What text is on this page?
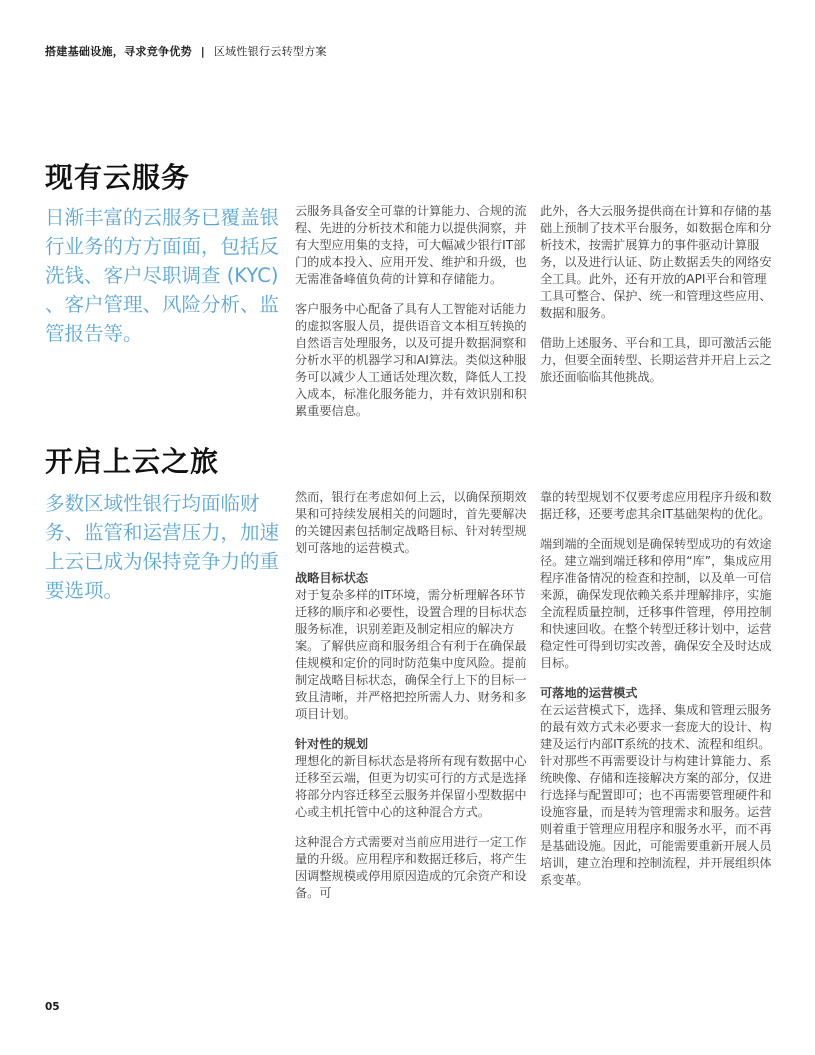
搭建基础设施，寻求竞争优势 | 区域性银行云转型方案
现有云服务

日渐丰富的云服务已覆盖银行业务的方方面面，包括反洗钱、客户尽职调查 (KYC) 、客户管理、风险分析、监管报告等。

云服务具备安全可靠的计算能力、合规的流程、先进的分析技术和能力以提供洞察，并有大型应用集的支持，可大幅减少银行IT部门的成本投入、应用开发、维护和升级，也无需准备峰值负荷的计算和存储能力。

客户服务中心配备了具有人工智能对话能力的虚拟客服人员，提供语音文本相互转换的自然语言处理服务，以及可提升数据洞察和分析水平的机器学习和AI算法。类似这种服务可以减少人工通话处理次数，降低人工投入成本，标准化服务能力，并有效识别和积累重要信息。

此外，各大云服务提供商在计算和存储的基础上预制了技术平台服务，如数据仓库和分析技术，按需扩展算力的事件驱动计算服务，以及进行认证、防止数据丢失的网络安全工具。此外，还有开放的API平台和管理工具可整合、保护、统一和管理这些应用、数据和服务。

借助上述服务、平台和工具，即可激活云能力，但要全面转型、长期运营并开启上云之旅还面临临其他挑战。

开启上云之旅

多数区域性银行均面临财务、监管和运营压力，加速上云已成为保持竞争力的重要选项。

然而，银行在考虑如何上云，以确保预期效果和可持续发展相关的问题时，首先要解决的关键因素包括制定战略目标、针对转型规划可落地的运营模式。

战略目标状态

对于复杂多样的IT环境，需分析理解各环节迁移的顺序和必要性，设置合理的目标状态服务标准，识别差距及制定相应的解决方案。了解供应商和服务组合有利于在确保最佳规模和定价的同时防范集中度风险。提前制定战略目标状态，确保全行上下的目标一致且清晰，并严格把控所需人力、财务和多项目计划。

针对性的规划

理想化的新目标状态是将所有现有数据中心迁移至云端，但更为切实可行的方式是选择将部分内容迁移至云服务并保留小型数据中心或主机托管中心的这种混合方式。

这种混合方式需要对当前应用进行一定工作量的升级。应用程序和数据迁移后，将产生因调整规模或停用原因造成的冗余资产和设备。可

靠的转型规划不仅要考虑应用程序升级和数据迁移，还要考虑其余IT基础架构的优化。

端到端的全面规划是确保转型成功的有效途径。建立端到端迁移和停用“库”，集成应用程序准备情况的检查和控制，以及单一可信来源，确保发现依赖关系并理解排序，实施全流程质量控制，迁移事件管理，停用控制和快速回收。在整个转型迁移计划中，运营稳定性可得到切实改善，确保安全及时达成目标。

可落地的运营模式

在云运营模式下，选择、集成和管理云服务的最有效方式未必要求一套庞大的设计、构建及运行内部IT系统的技术、流程和组织。针对那些不再需要设计与构建计算能力、系统映像、存储和连接解决方案的部分，仅进行选择与配置即可；也不再需要管理硬件和设施容量，而是转为管理需求和服务。运营则着重于管理应用程序和服务水平，而不再是基础设施。因此，可能需要重新开展人员培训，建立治理和控制流程，并开展组织体系变革。

05
